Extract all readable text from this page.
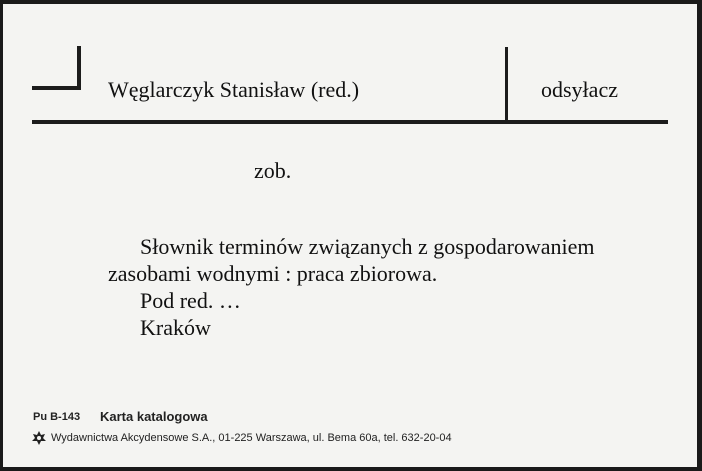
Węglarczyk Stanisław (red.)	odsyłacz
zob.
Słownik terminów związanych z gospodarowaniem
zasobami wodnymi : praca zbiorowa.
Pod red. …
Kraków
Pu B-143 Karta katalogowa
Wydawnictwa Akcydensowe S.A., 01-225 Warszawa, ul. Bema 60a, tel. 632-20-04
